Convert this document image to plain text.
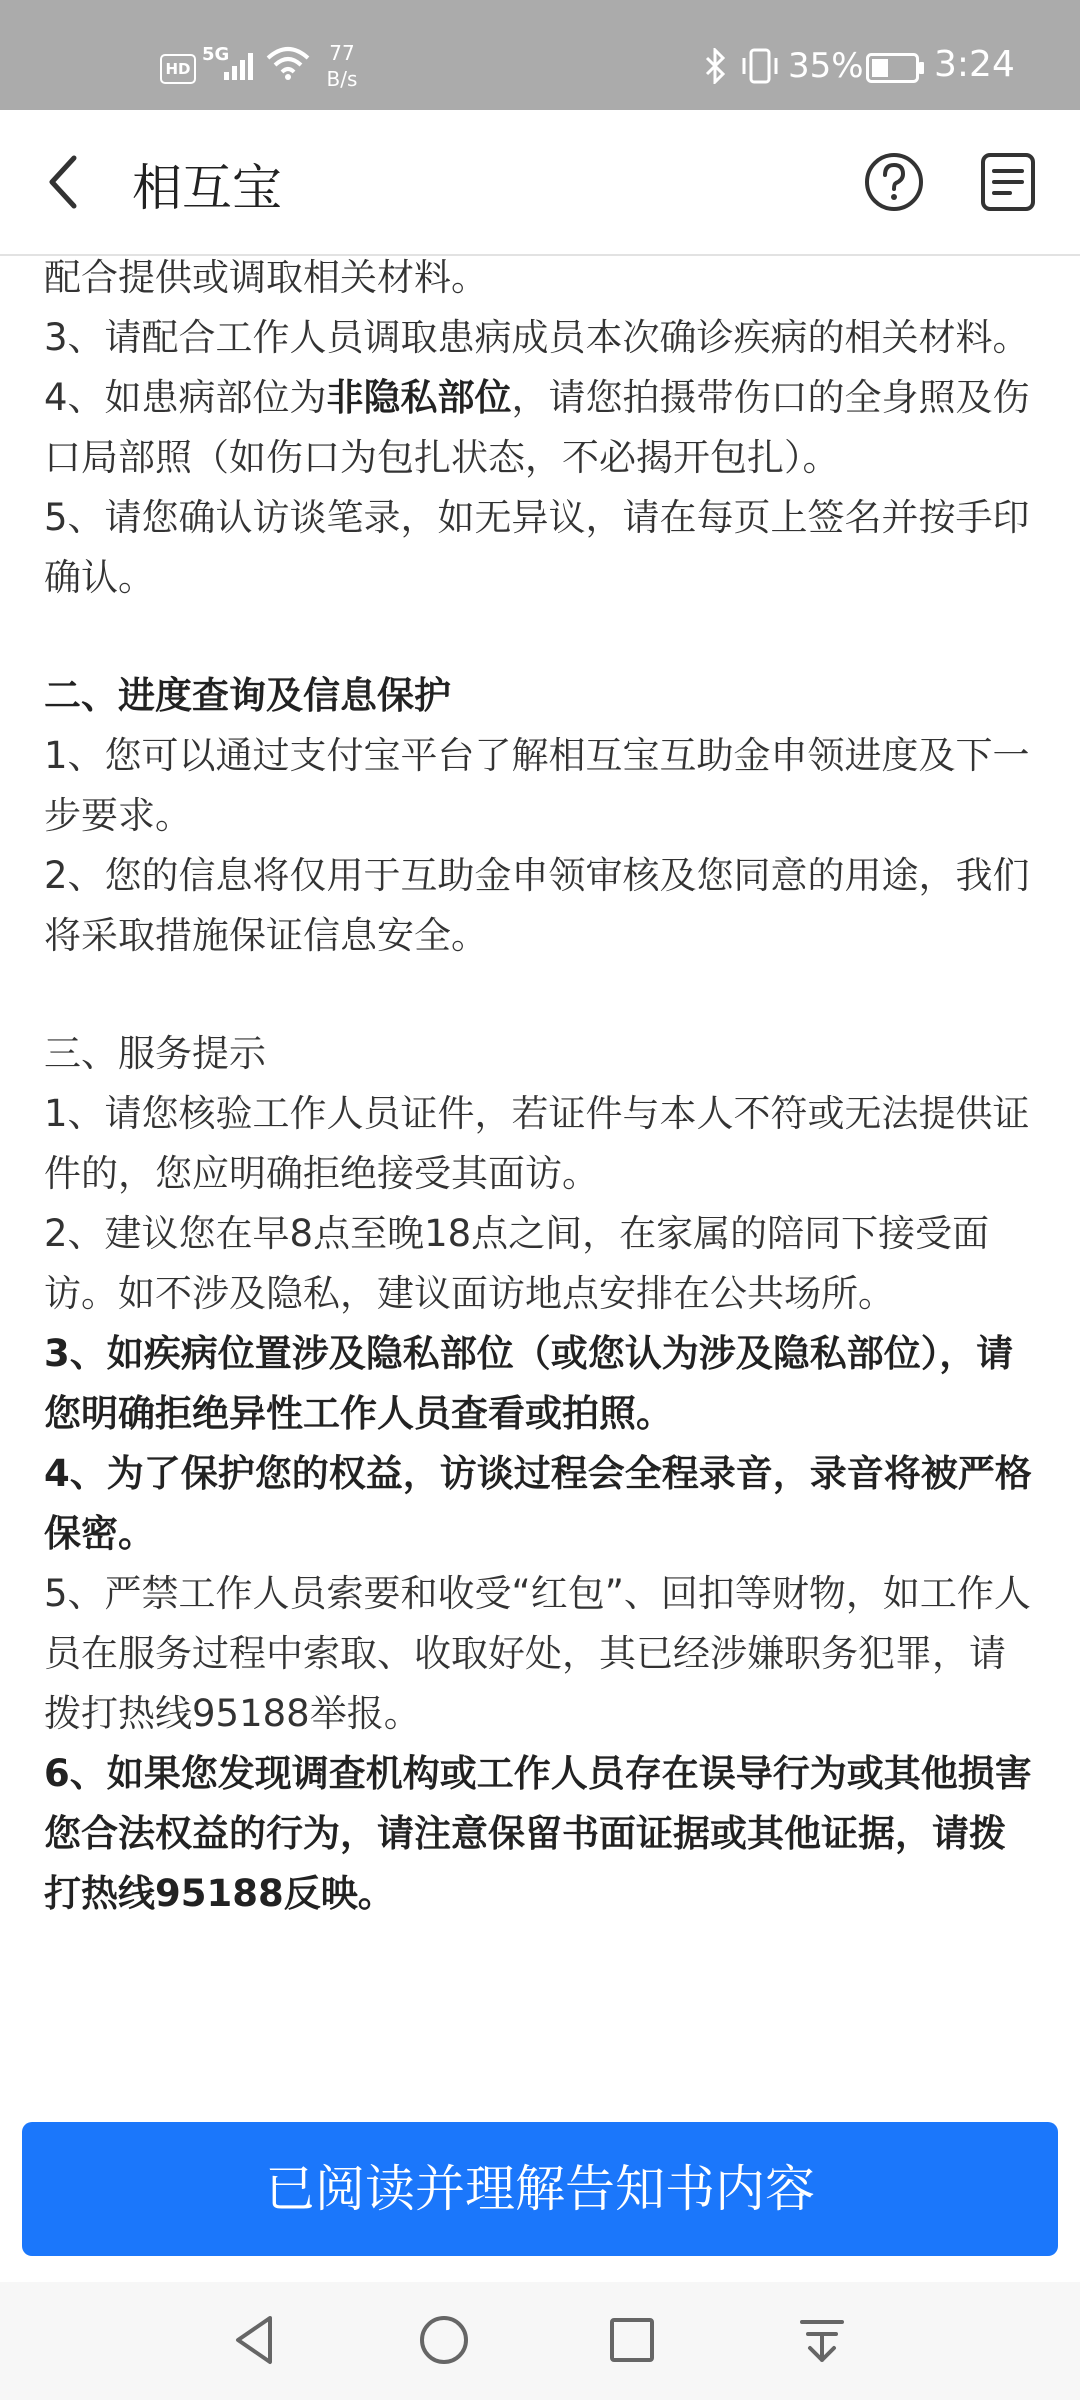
HD
5G	77
B/s	35% 3:24
相互宝

配合提供或调取相关材料。

3、请配合工作人员调取患病成员本次确诊疾病的相关材料。

4、如患病部位为非隐私部位，请您拍摄带伤口的全身照及伤口局部照（如伤口为包扎状态，不必揭开包扎）。

5、请您确认访谈笔录，如无异议，请在每页上签名并按手印确认。

二、进度查询及信息保护

1、您可以通过支付宝平台了解相互宝互助金申领进度及下一步要求。

2、您的信息将仅用于互助金申领审核及您同意的用途，我们将采取措施保证信息安全。

三、服务提示

1、请您核验工作人员证件，若证件与本人不符或无法提供证件的，您应明确拒绝接受其面访。

2、建议您在早8点至晚18点之间，在家属的陪同下接受面访。如不涉及隐私，建议面访地点安排在公共场所。

3、如疾病位置涉及隐私部位（或您认为涉及隐私部位），请您明确拒绝异性工作人员查看或拍照。

4、为了保护您的权益，访谈过程会全程录音，录音将被严格保密。

5、严禁工作人员索要和收受“红包”、回扣等财物，如工作人员在服务过程中索取、收取好处，其已经涉嫌职务犯罪，请拨打热线95188举报。

6、如果您发现调查机构或工作人员存在误导行为或其他损害您合法权益的行为，请注意保留书面证据或其他证据，请拨打热线95188反映。

已阅读并理解告知书内容
